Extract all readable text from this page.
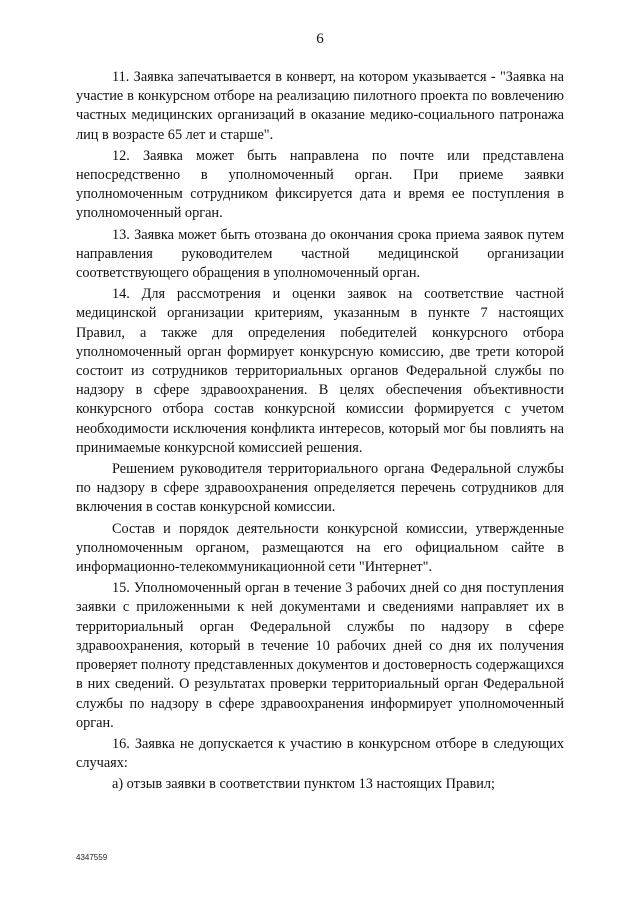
6

11. Заявка запечатывается в конверт, на котором указывается - "Заявка на участие в конкурсном отборе на реализацию пилотного проекта по вовлечению частных медицинских организаций в оказание медико-социального патронажа лиц в возрасте 65 лет и старше".

12. Заявка может быть направлена по почте или представлена непосредственно в уполномоченный орган. При приеме заявки уполномоченным сотрудником фиксируется дата и время ее поступления в уполномоченный орган.

13. Заявка может быть отозвана до окончания срока приема заявок путем направления руководителем частной медицинской организации соответствующего обращения в уполномоченный орган.

14. Для рассмотрения и оценки заявок на соответствие частной медицинской организации критериям, указанным в пункте 7 настоящих Правил, а также для определения победителей конкурсного отбора уполномоченный орган формирует конкурсную комиссию, две трети которой состоит из сотрудников территориальных органов Федеральной службы по надзору в сфере здравоохранения. В целях обеспечения объективности конкурсного отбора состав конкурсной комиссии формируется с учетом необходимости исключения конфликта интересов, который мог бы повлиять на принимаемые конкурсной комиссией решения.

Решением руководителя территориального органа Федеральной службы по надзору в сфере здравоохранения определяется перечень сотрудников для включения в состав конкурсной комиссии.

Состав и порядок деятельности конкурсной комиссии, утвержденные уполномоченным органом, размещаются на его официальном сайте в информационно-телекоммуникационной сети "Интернет".

15. Уполномоченный орган в течение 3 рабочих дней со дня поступления заявки с приложенными к ней документами и сведениями направляет их в территориальный орган Федеральной службы по надзору в сфере здравоохранения, который в течение 10 рабочих дней со дня их получения проверяет полноту представленных документов и достоверность содержащихся в них сведений. О результатах проверки территориальный орган Федеральной службы по надзору в сфере здравоохранения информирует уполномоченный орган.

16. Заявка не допускается к участию в конкурсном отборе в следующих случаях:

а) отзыв заявки в соответствии пунктом 13 настоящих Правил;

4347559
